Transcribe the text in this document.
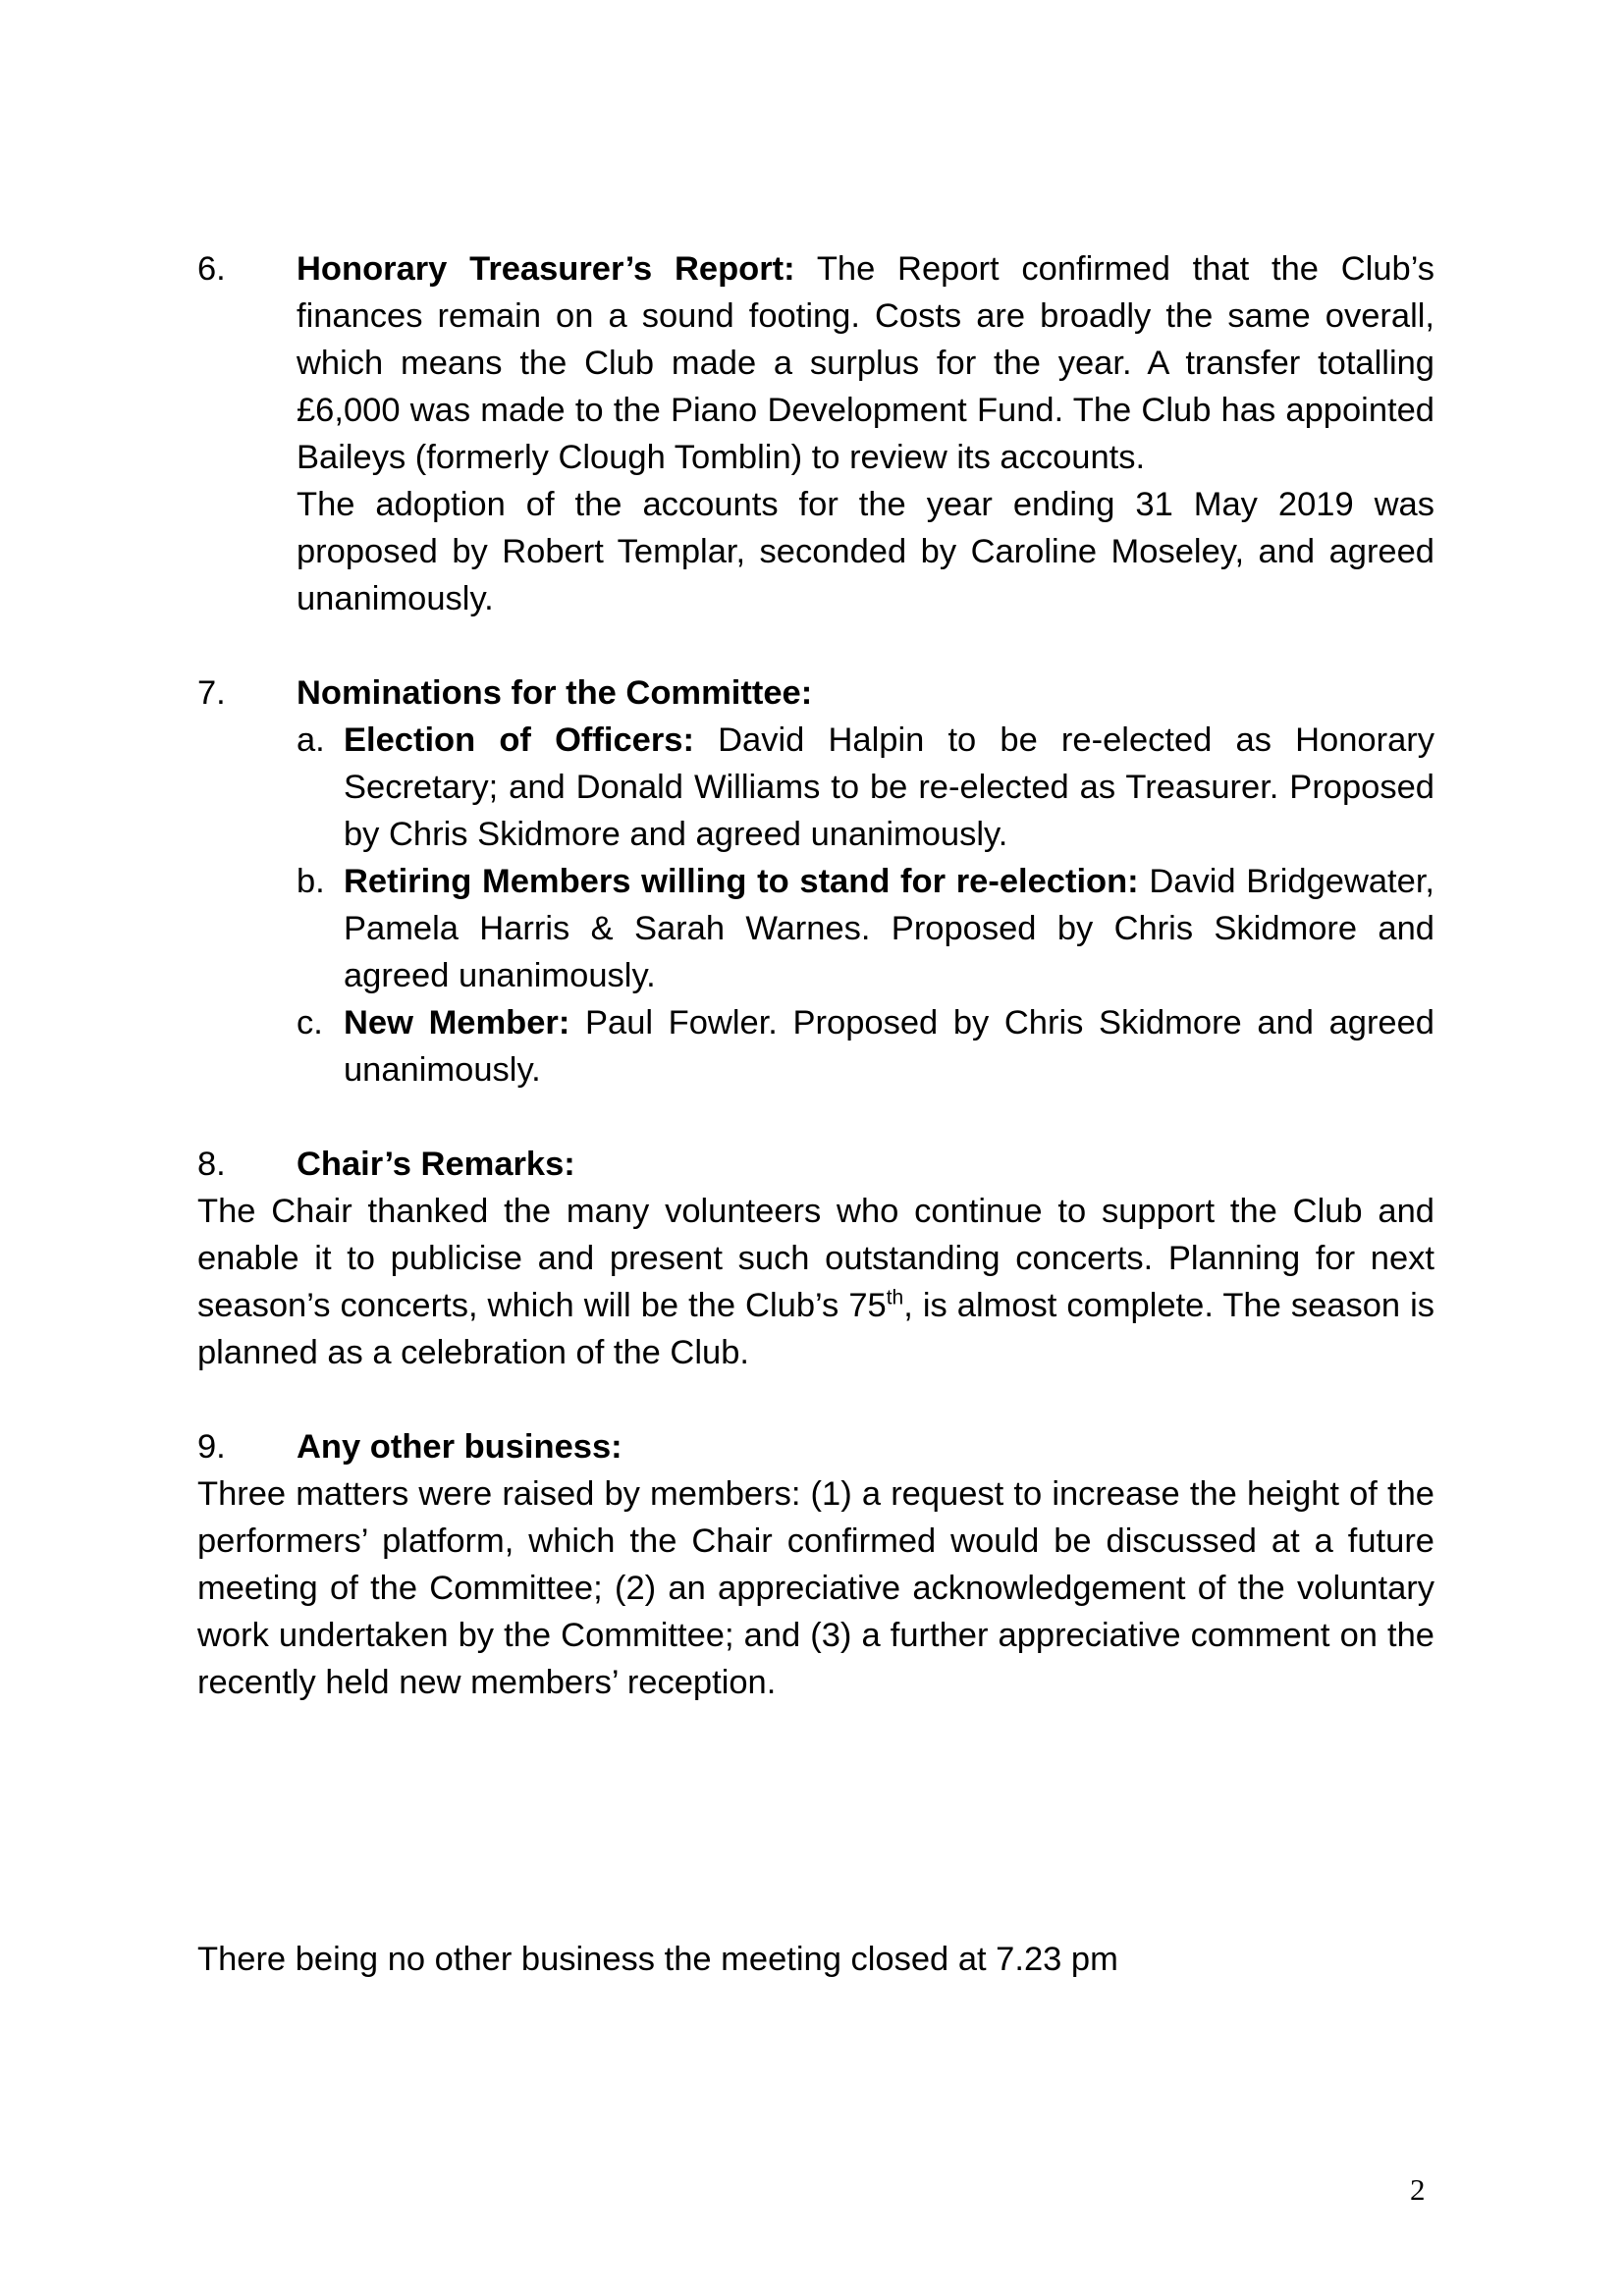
6. Honorary Treasurer’s Report: The Report confirmed that the Club’s finances remain on a sound footing. Costs are broadly the same overall, which means the Club made a surplus for the year. A transfer totalling £6,000 was made to the Piano Development Fund. The Club has appointed Baileys (formerly Clough Tomblin) to review its accounts.

The adoption of the accounts for the year ending 31 May 2019 was proposed by Robert Templar, seconded by Caroline Moseley, and agreed unanimously.

7. Nominations for the Committee:

a. Election of Officers: David Halpin to be re-elected as Honorary Secretary; and Donald Williams to be re-elected as Treasurer. Proposed by Chris Skidmore and agreed unanimously.

b. Retiring Members willing to stand for re-election: David Bridgewater, Pamela Harris & Sarah Warnes. Proposed by Chris Skidmore and agreed unanimously.

c. New Member: Paul Fowler. Proposed by Chris Skidmore and agreed unanimously.

8. Chair’s Remarks:

The Chair thanked the many volunteers who continue to support the Club and enable it to publicise and present such outstanding concerts. Planning for next season’s concerts, which will be the Club’s 75th, is almost complete. The season is planned as a celebration of the Club.

9. Any other business:

Three matters were raised by members: (1) a request to increase the height of the performers’ platform, which the Chair confirmed would be discussed at a future meeting of the Committee; (2) an appreciative acknowledgement of the voluntary work undertaken by the Committee; and (3) a further appreciative comment on the recently held new members’ reception.

There being no other business the meeting closed at 7.23 pm
2
